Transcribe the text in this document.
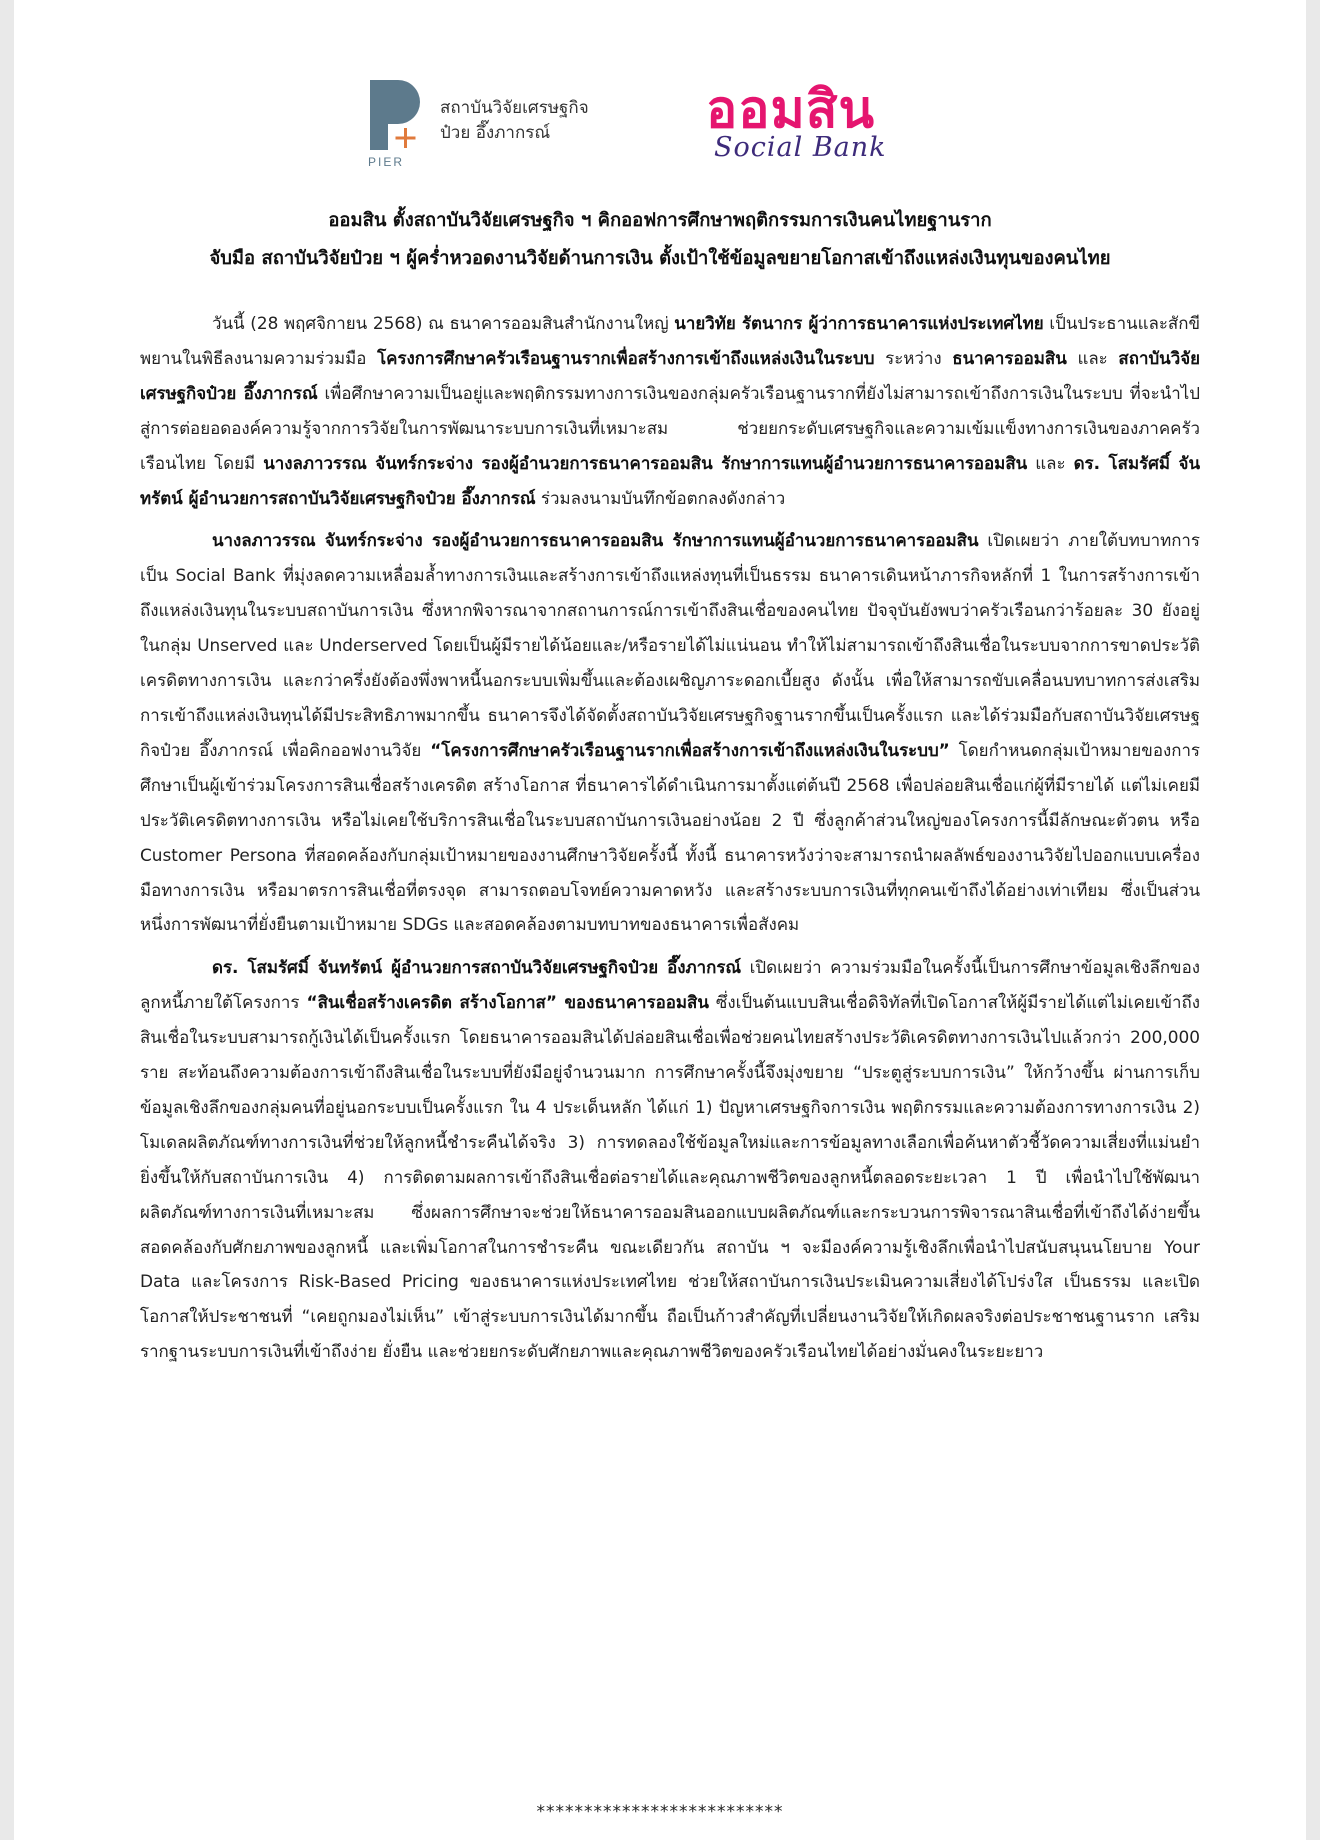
PIER
สถาบันวิจัยเศรษฐกิจ
ป๋วย อึ๊งภากรณ์	ออมสิน
Social Bank
ออมสิน ตั้งสถาบันวิจัยเศรษฐกิจ ฯ คิกออฟการศึกษาพฤติกรรมการเงินคนไทยฐานราก
จับมือ สถาบันวิจัยป๋วย ฯ ผู้คร่ำหวอดงานวิจัยด้านการเงิน ตั้งเป้าใช้ข้อมูลขยายโอกาสเข้าถึงแหล่งเงินทุนของคนไทย

วันนี้ (28 พฤศจิกายน 2568) ณ ธนาคารออมสินสำนักงานใหญ่ นายวิทัย รัตนากร ผู้ว่าการธนาคารแห่งประเทศไทย เป็นประธานและสักขีพยานในพิธีลงนามความร่วมมือ โครงการศึกษาครัวเรือนฐานรากเพื่อสร้างการเข้าถึงแหล่งเงินในระบบ ระหว่าง ธนาคารออมสิน และ สถาบันวิจัยเศรษฐกิจป๋วย อึ๊งภากรณ์ เพื่อศึกษาความเป็นอยู่และพฤติกรรมทางการเงินของกลุ่มครัวเรือนฐานรากที่ยังไม่สามารถเข้าถึงการเงินในระบบ ที่จะนำไปสู่การต่อยอดองค์ความรู้จากการวิจัยในการพัฒนาระบบการเงินที่เหมาะสม ช่วยยกระดับเศรษฐกิจและความเข้มแข็งทางการเงินของภาคครัวเรือนไทย โดยมี นางลภาวรรณ จันทร์กระจ่าง รองผู้อำนวยการธนาคารออมสิน รักษาการแทนผู้อำนวยการธนาคารออมสิน และ ดร. โสมรัศมิ์ จันทรัตน์ ผู้อำนวยการสถาบันวิจัยเศรษฐกิจป๋วย อึ๊งภากรณ์ ร่วมลงนามบันทึกข้อตกลงดังกล่าว

นางลภาวรรณ จันทร์กระจ่าง รองผู้อำนวยการธนาคารออมสิน รักษาการแทนผู้อำนวยการธนาคารออมสิน เปิดเผยว่า ภายใต้บทบาทการเป็น Social Bank ที่มุ่งลดความเหลื่อมล้ำทางการเงินและสร้างการเข้าถึงแหล่งทุนที่เป็นธรรม ธนาคารเดินหน้าภารกิจหลักที่ 1 ในการสร้างการเข้าถึงแหล่งเงินทุนในระบบสถาบันการเงิน ซึ่งหากพิจารณาจากสถานการณ์การเข้าถึงสินเชื่อของคนไทย ปัจจุบันยังพบว่าครัวเรือนกว่าร้อยละ 30 ยังอยู่ในกลุ่ม Unserved และ Underserved โดยเป็นผู้มีรายได้น้อยและ/หรือรายได้ไม่แน่นอน ทำให้ไม่สามารถเข้าถึงสินเชื่อในระบบจากการขาดประวัติเครดิตทางการเงิน และกว่าครึ่งยังต้องพึ่งพาหนี้นอกระบบเพิ่มขึ้นและต้องเผชิญภาระดอกเบี้ยสูง ดังนั้น เพื่อให้สามารถขับเคลื่อนบทบาทการส่งเสริมการเข้าถึงแหล่งเงินทุนได้มีประสิทธิภาพมากขึ้น ธนาคารจึงได้จัดตั้งสถาบันวิจัยเศรษฐกิจฐานรากขึ้นเป็นครั้งแรก และได้ร่วมมือกับสถาบันวิจัยเศรษฐกิจป๋วย อึ๊งภากรณ์ เพื่อคิกออฟงานวิจัย “โครงการศึกษาครัวเรือนฐานรากเพื่อสร้างการเข้าถึงแหล่งเงินในระบบ” โดยกำหนดกลุ่มเป้าหมายของการศึกษาเป็นผู้เข้าร่วมโครงการสินเชื่อสร้างเครดิต สร้างโอกาส ที่ธนาคารได้ดำเนินการมาตั้งแต่ต้นปี 2568 เพื่อปล่อยสินเชื่อแก่ผู้ที่มีรายได้ แต่ไม่เคยมีประวัติเครดิตทางการเงิน หรือไม่เคยใช้บริการสินเชื่อในระบบสถาบันการเงินอย่างน้อย 2 ปี ซึ่งลูกค้าส่วนใหญ่ของโครงการนี้มีลักษณะตัวตน หรือ Customer Persona ที่สอดคล้องกับกลุ่มเป้าหมายของงานศึกษาวิจัยครั้งนี้ ทั้งนี้ ธนาคารหวังว่าจะสามารถนำผลลัพธ์ของงานวิจัยไปออกแบบเครื่องมือทางการเงิน หรือมาตรการสินเชื่อที่ตรงจุด สามารถตอบโจทย์ความคาดหวัง และสร้างระบบการเงินที่ทุกคนเข้าถึงได้อย่างเท่าเทียม ซึ่งเป็นส่วนหนึ่งการพัฒนาที่ยั่งยืนตามเป้าหมาย SDGs และสอดคล้องตามบทบาทของธนาคารเพื่อสังคม

ดร. โสมรัศมิ์ จันทรัตน์ ผู้อำนวยการสถาบันวิจัยเศรษฐกิจป๋วย อึ๊งภากรณ์ เปิดเผยว่า ความร่วมมือในครั้งนี้เป็นการศึกษาข้อมูลเชิงลึกของลูกหนี้ภายใต้โครงการ “สินเชื่อสร้างเครดิต สร้างโอกาส” ของธนาคารออมสิน ซึ่งเป็นต้นแบบสินเชื่อดิจิทัลที่เปิดโอกาสให้ผู้มีรายได้แต่ไม่เคยเข้าถึงสินเชื่อในระบบสามารถกู้เงินได้เป็นครั้งแรก โดยธนาคารออมสินได้ปล่อยสินเชื่อเพื่อช่วยคนไทยสร้างประวัติเครดิตทางการเงินไปแล้วกว่า 200,000 ราย สะท้อนถึงความต้องการเข้าถึงสินเชื่อในระบบที่ยังมีอยู่จำนวนมาก การศึกษาครั้งนี้จึงมุ่งขยาย “ประตูสู่ระบบการเงิน” ให้กว้างขึ้น ผ่านการเก็บข้อมูลเชิงลึกของกลุ่มคนที่อยู่นอกระบบเป็นครั้งแรก ใน 4 ประเด็นหลัก ได้แก่ 1) ปัญหาเศรษฐกิจการเงิน พฤติกรรมและความต้องการทางการเงิน 2) โมเดลผลิตภัณฑ์ทางการเงินที่ช่วยให้ลูกหนี้ชำระคืนได้จริง 3) การทดลองใช้ข้อมูลใหม่และการข้อมูลทางเลือกเพื่อค้นหาตัวชี้วัดความเสี่ยงที่แม่นยำยิ่งขึ้นให้กับสถาบันการเงิน 4) การติดตามผลการเข้าถึงสินเชื่อต่อรายได้และคุณภาพชีวิตของลูกหนี้ตลอดระยะเวลา 1 ปี เพื่อนำไปใช้พัฒนาผลิตภัณฑ์ทางการเงินที่เหมาะสม ซึ่งผลการศึกษาจะช่วยให้ธนาคารออมสินออกแบบผลิตภัณฑ์และกระบวนการพิจารณาสินเชื่อที่เข้าถึงได้ง่ายขึ้น สอดคล้องกับศักยภาพของลูกหนี้ และเพิ่มโอกาสในการชำระคืน ขณะเดียวกัน สถาบัน ฯ จะมีองค์ความรู้เชิงลึกเพื่อนำไปสนับสนุนนโยบาย Your Data และโครงการ Risk-Based Pricing ของธนาคารแห่งประเทศไทย ช่วยให้สถาบันการเงินประเมินความเสี่ยงได้โปร่งใส เป็นธรรม และเปิดโอกาสให้ประชาชนที่ “เคยถูกมองไม่เห็น” เข้าสู่ระบบการเงินได้มากขึ้น ถือเป็นก้าวสำคัญที่เปลี่ยนงานวิจัยให้เกิดผลจริงต่อประชาชนฐานราก เสริมรากฐานระบบการเงินที่เข้าถึงง่าย ยั่งยืน และช่วยยกระดับศักยภาพและคุณภาพชีวิตของครัวเรือนไทยได้อย่างมั่นคงในระยะยาว

**************************
